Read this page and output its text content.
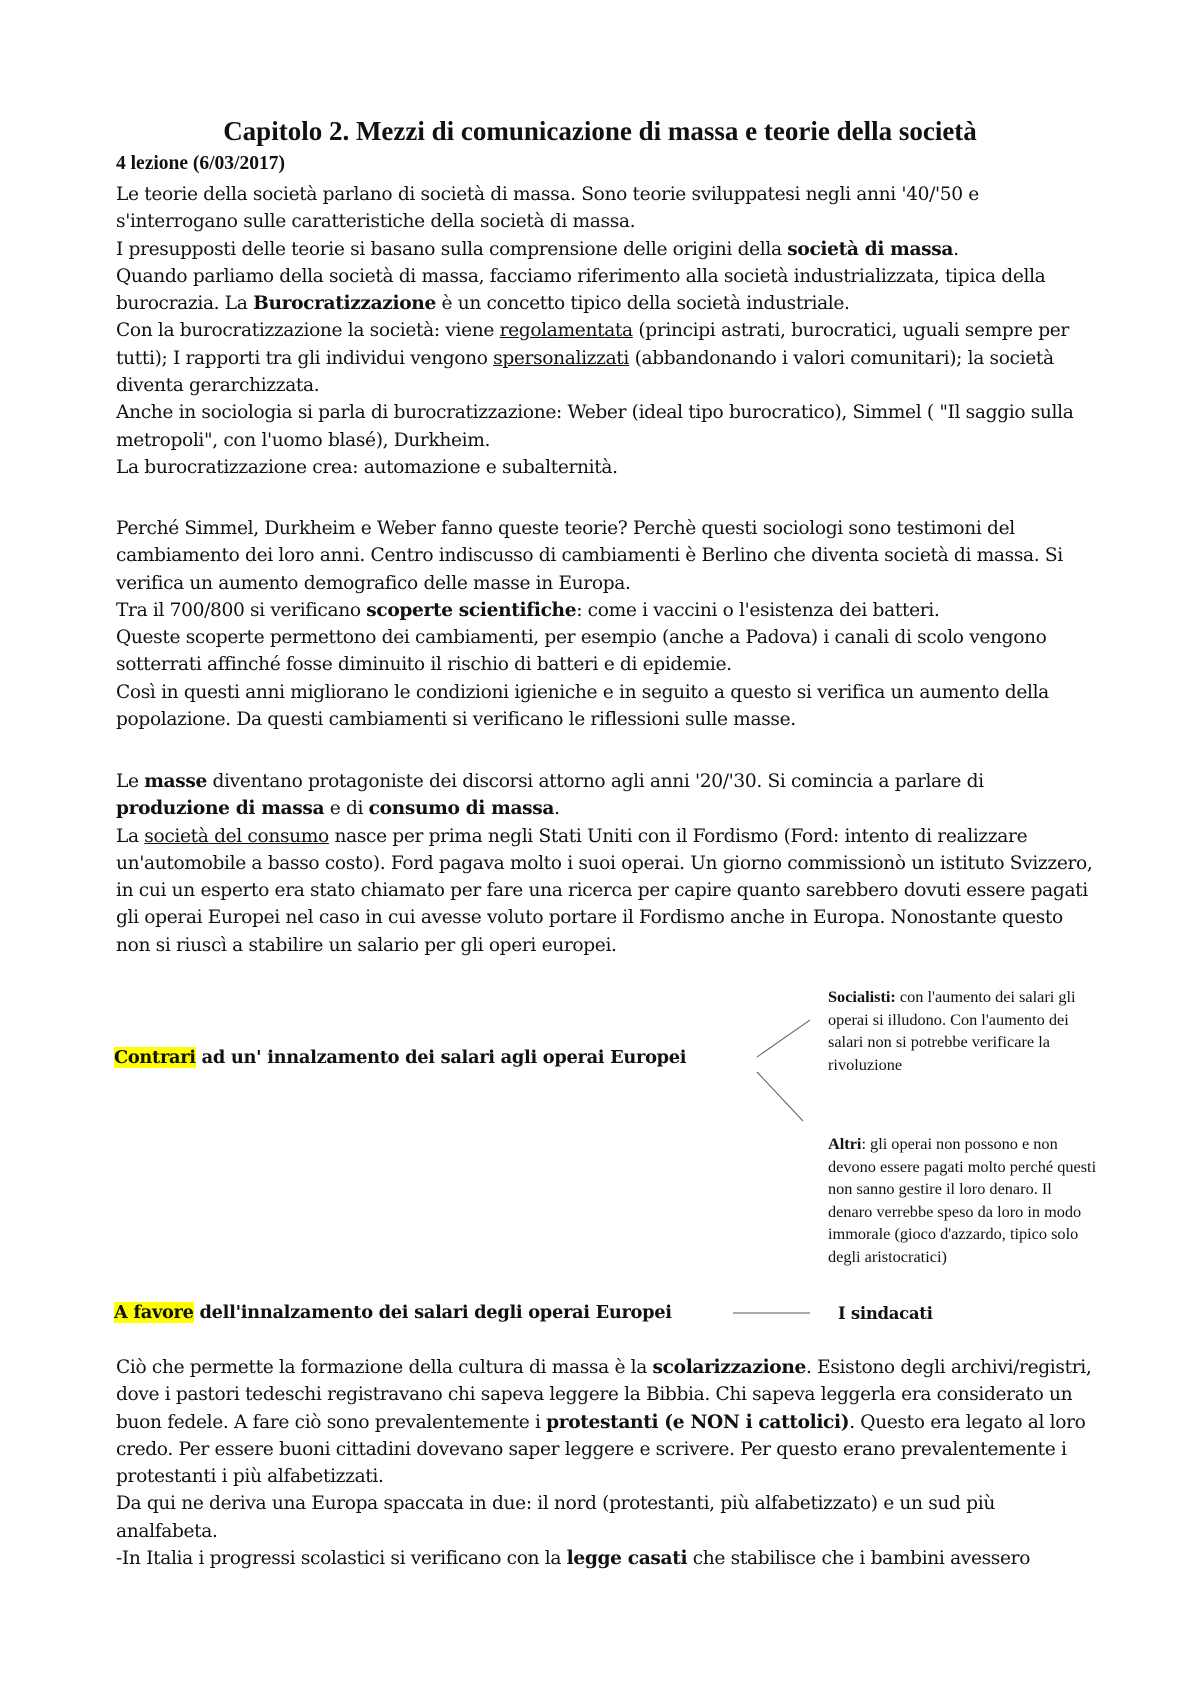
Capitolo 2. Mezzi di comunicazione di massa e teorie della società
4 lezione (6/03/2017)

Le teorie della società parlano di società di massa. Sono teorie sviluppatesi negli anni '40/'50 e s'interrogano sulle caratteristiche della società di massa.
I presupposti delle teorie si basano sulla comprensione delle origini della società di massa.
Quando parliamo della società di massa, facciamo riferimento alla società industrializzata, tipica della burocrazia. La Burocratizzazione è un concetto tipico della società industriale.
Con la burocratizzazione la società: viene regolamentata (principi astrati, burocratici, uguali sempre per tutti); I rapporti tra gli individui vengono spersonalizzati (abbandonando i valori comunitari); la società diventa gerarchizzata.
Anche in sociologia si parla di burocratizzazione: Weber (ideal tipo burocratico), Simmel ( "Il saggio sulla metropoli", con l'uomo blasé), Durkheim.
La burocratizzazione crea: automazione e subalternità.

Perché Simmel, Durkheim e Weber fanno queste teorie? Perchè questi sociologi sono testimoni del cambiamento dei loro anni. Centro indiscusso di cambiamenti è Berlino che diventa società di massa. Si verifica un aumento demografico delle masse in Europa.
Tra il 700/800 si verificano scoperte scientifiche: come i vaccini o l'esistenza dei batteri.
Queste scoperte permettono dei cambiamenti, per esempio (anche a Padova) i canali di scolo vengono sotterrati affinché fosse diminuito il rischio di batteri e di epidemie.
Così in questi anni migliorano le condizioni igieniche e in seguito a questo si verifica un aumento della popolazione. Da questi cambiamenti si verificano le riflessioni sulle masse.

Le masse diventano protagoniste dei discorsi attorno agli anni '20/'30. Si comincia a parlare di produzione di massa e di consumo di massa.
La società del consumo nasce per prima negli Stati Uniti con il Fordismo (Ford: intento di realizzare un'automobile a basso costo). Ford pagava molto i suoi operai. Un giorno commissionò un istituto Svizzero, in cui un esperto era stato chiamato per fare una ricerca per capire quanto sarebbero dovuti essere pagati gli operai Europei nel caso in cui avesse voluto portare il Fordismo anche in Europa. Nonostante questo non si riuscì a stabilire un salario per gli operi europei.

Contrari ad un' innalzamento dei salari agli operai Europei
Socialisti: con l'aumento dei salari gli operai si illudono. Con l'aumento dei salari non si potrebbe verificare la rivoluzione
Altri: gli operai non possono e non devono essere pagati molto perché questi non sanno gestire il loro denaro. Il denaro verrebbe speso da loro in modo immorale (gioco d'azzardo, tipico solo degli aristocratici)
A favore dell'innalzamento dei salari degli operai Europei	I sindacati

Ciò che permette la formazione della cultura di massa è la scolarizzazione. Esistono degli archivi/registri, dove i pastori tedeschi registravano chi sapeva leggere la Bibbia. Chi sapeva leggerla era considerato un buon fedele. A fare ciò sono prevalentemente i protestanti (e NON i cattolici). Questo era legato al loro credo. Per essere buoni cittadini dovevano saper leggere e scrivere. Per questo erano prevalentemente i protestanti i più alfabetizzati.
Da qui ne deriva una Europa spaccata in due: il nord (protestanti, più alfabetizzato) e un sud più analfabeta.
-In Italia i progressi scolastici si verificano con la legge casati che stabilisce che i bambini avessero
